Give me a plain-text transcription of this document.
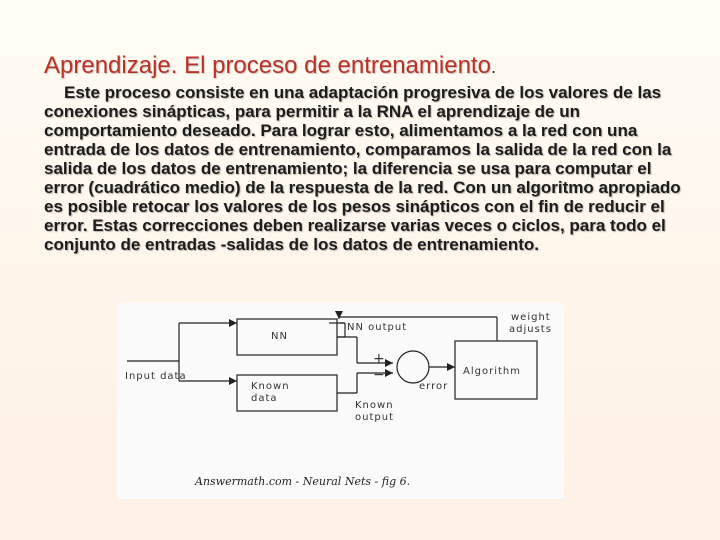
Aprendizaje. El proceso de entrenamiento.

Este proceso consiste en una adaptación progresiva de los valores de las conexiones sinápticas, para permitir a la RNA el aprendizaje de un comportamiento deseado. Para lograr esto, alimentamos a la red con una entrada de los datos de entrenamiento, comparamos la salida de la red con la salida de los datos de entrenamiento; la diferencia se usa para computar el error (cuadrático medio) de la respuesta de la red. Con un algoritmo apropiado es posible retocar los valores de los pesos sinápticos con el fin de reducir el error. Estas correcciones deben realizarse varias veces o ciclos, para todo el conjunto de entradas -salidas de los datos de entrenamiento.

Input data
NN
Known
data
NN output
Known
output
+
−
error
Algorithm
weight
adjusts
Answermath.com - Neural Nets - fig 6.
